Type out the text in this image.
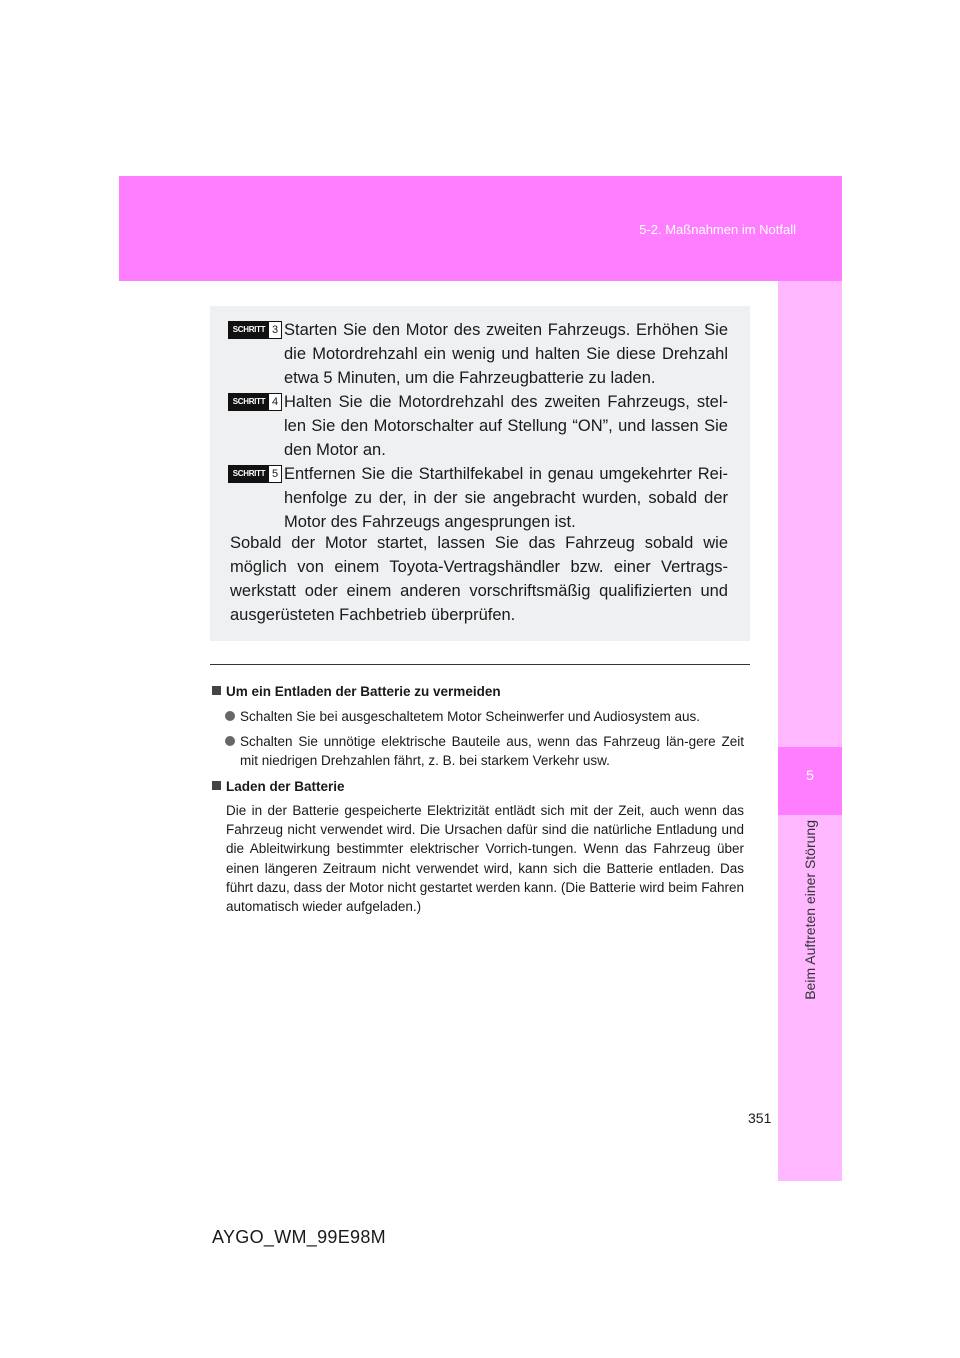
5-2. Maßnahmen im Notfall
5
Beim Auftreten einer Störung
SCHRITT 3 Starten Sie den Motor des zweiten Fahrzeugs. Erhöhen Sie die Motordrehzahl ein wenig und halten Sie diese Drehzahl etwa 5 Minuten, um die Fahrzeugbatterie zu laden.
SCHRITT 4 Halten Sie die Motordrehzahl des zweiten Fahrzeugs, stel-len Sie den Motorschalter auf Stellung “ON”, und lassen Sie den Motor an.
SCHRITT 5 Entfernen Sie die Starthilfekabel in genau umgekehrter Rei-henfolge zu der, in der sie angebracht wurden, sobald der Motor des Fahrzeugs angesprungen ist.
Sobald der Motor startet, lassen Sie das Fahrzeug sobald wie möglich von einem Toyota-Vertragshändler bzw. einer Vertrags-werkstatt oder einem anderen vorschriftsmäßig qualifizierten und ausgerüsteten Fachbetrieb überprüfen.
Um ein Entladen der Batterie zu vermeiden
Schalten Sie bei ausgeschaltetem Motor Scheinwerfer und Audiosystem aus.
Schalten Sie unnötige elektrische Bauteile aus, wenn das Fahrzeug län-gere Zeit mit niedrigen Drehzahlen fährt, z. B. bei starkem Verkehr usw.
Laden der Batterie
Die in der Batterie gespeicherte Elektrizität entlädt sich mit der Zeit, auch wenn das Fahrzeug nicht verwendet wird. Die Ursachen dafür sind die natürliche Entladung und die Ableitwirkung bestimmter elektrischer Vorrich-tungen. Wenn das Fahrzeug über einen längeren Zeitraum nicht verwendet wird, kann sich die Batterie entladen. Das führt dazu, dass der Motor nicht gestartet werden kann. (Die Batterie wird beim Fahren automatisch wieder aufgeladen.)
351
AYGO_WM_99E98M
